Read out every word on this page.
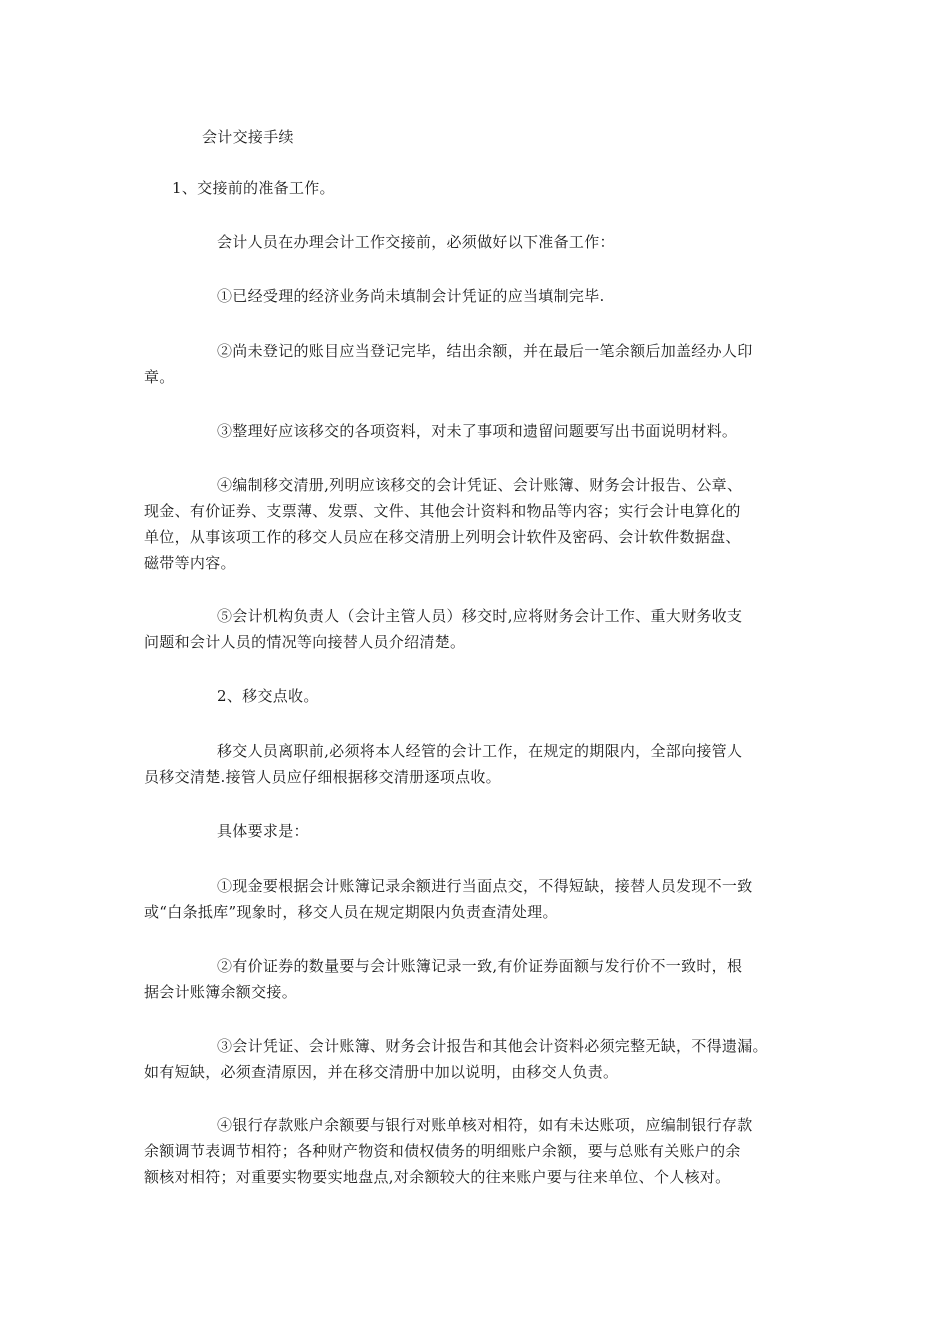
会计交接手续
1、交接前的准备工作。
会计人员在办理会计工作交接前，必须做好以下准备工作：
①已经受理的经济业务尚未填制会计凭证的应当填制完毕.
②尚未登记的账目应当登记完毕，结出余额，并在最后一笔余额后加盖经办人印
章。
③整理好应该移交的各项资料，对未了事项和遗留问题要写出书面说明材料。
④编制移交清册,列明应该移交的会计凭证、会计账簿、财务会计报告、公章、
现金、有价证券、支票薄、发票、文件、其他会计资料和物品等内容；实行会计电算化的
单位，从事该项工作的移交人员应在移交清册上列明会计软件及密码、会计软件数据盘、
磁带等内容。
⑤会计机构负责人（会计主管人员）移交时,应将财务会计工作、重大财务收支
问题和会计人员的情况等向接替人员介绍清楚。
2、移交点收。
移交人员离职前,必须将本人经管的会计工作，在规定的期限内，全部向接管人
员移交清楚.接管人员应仔细根据移交清册逐项点收。
具体要求是：
①现金要根据会计账簿记录余额进行当面点交，不得短缺，接替人员发现不一致
或“白条抵库”现象时，移交人员在规定期限内负责查清处理。
②有价证券的数量要与会计账簿记录一致,有价证券面额与发行价不一致时，根
据会计账簿余额交接。
③会计凭证、会计账簿、财务会计报告和其他会计资料必须完整无缺，不得遗漏。
如有短缺，必须查清原因，并在移交清册中加以说明，由移交人负责。
④银行存款账户余额要与银行对账单核对相符，如有未达账项，应编制银行存款
余额调节表调节相符；各种财产物资和债权债务的明细账户余额，要与总账有关账户的余
额核对相符；对重要实物要实地盘点,对余额较大的往来账户要与往来单位、个人核对。
